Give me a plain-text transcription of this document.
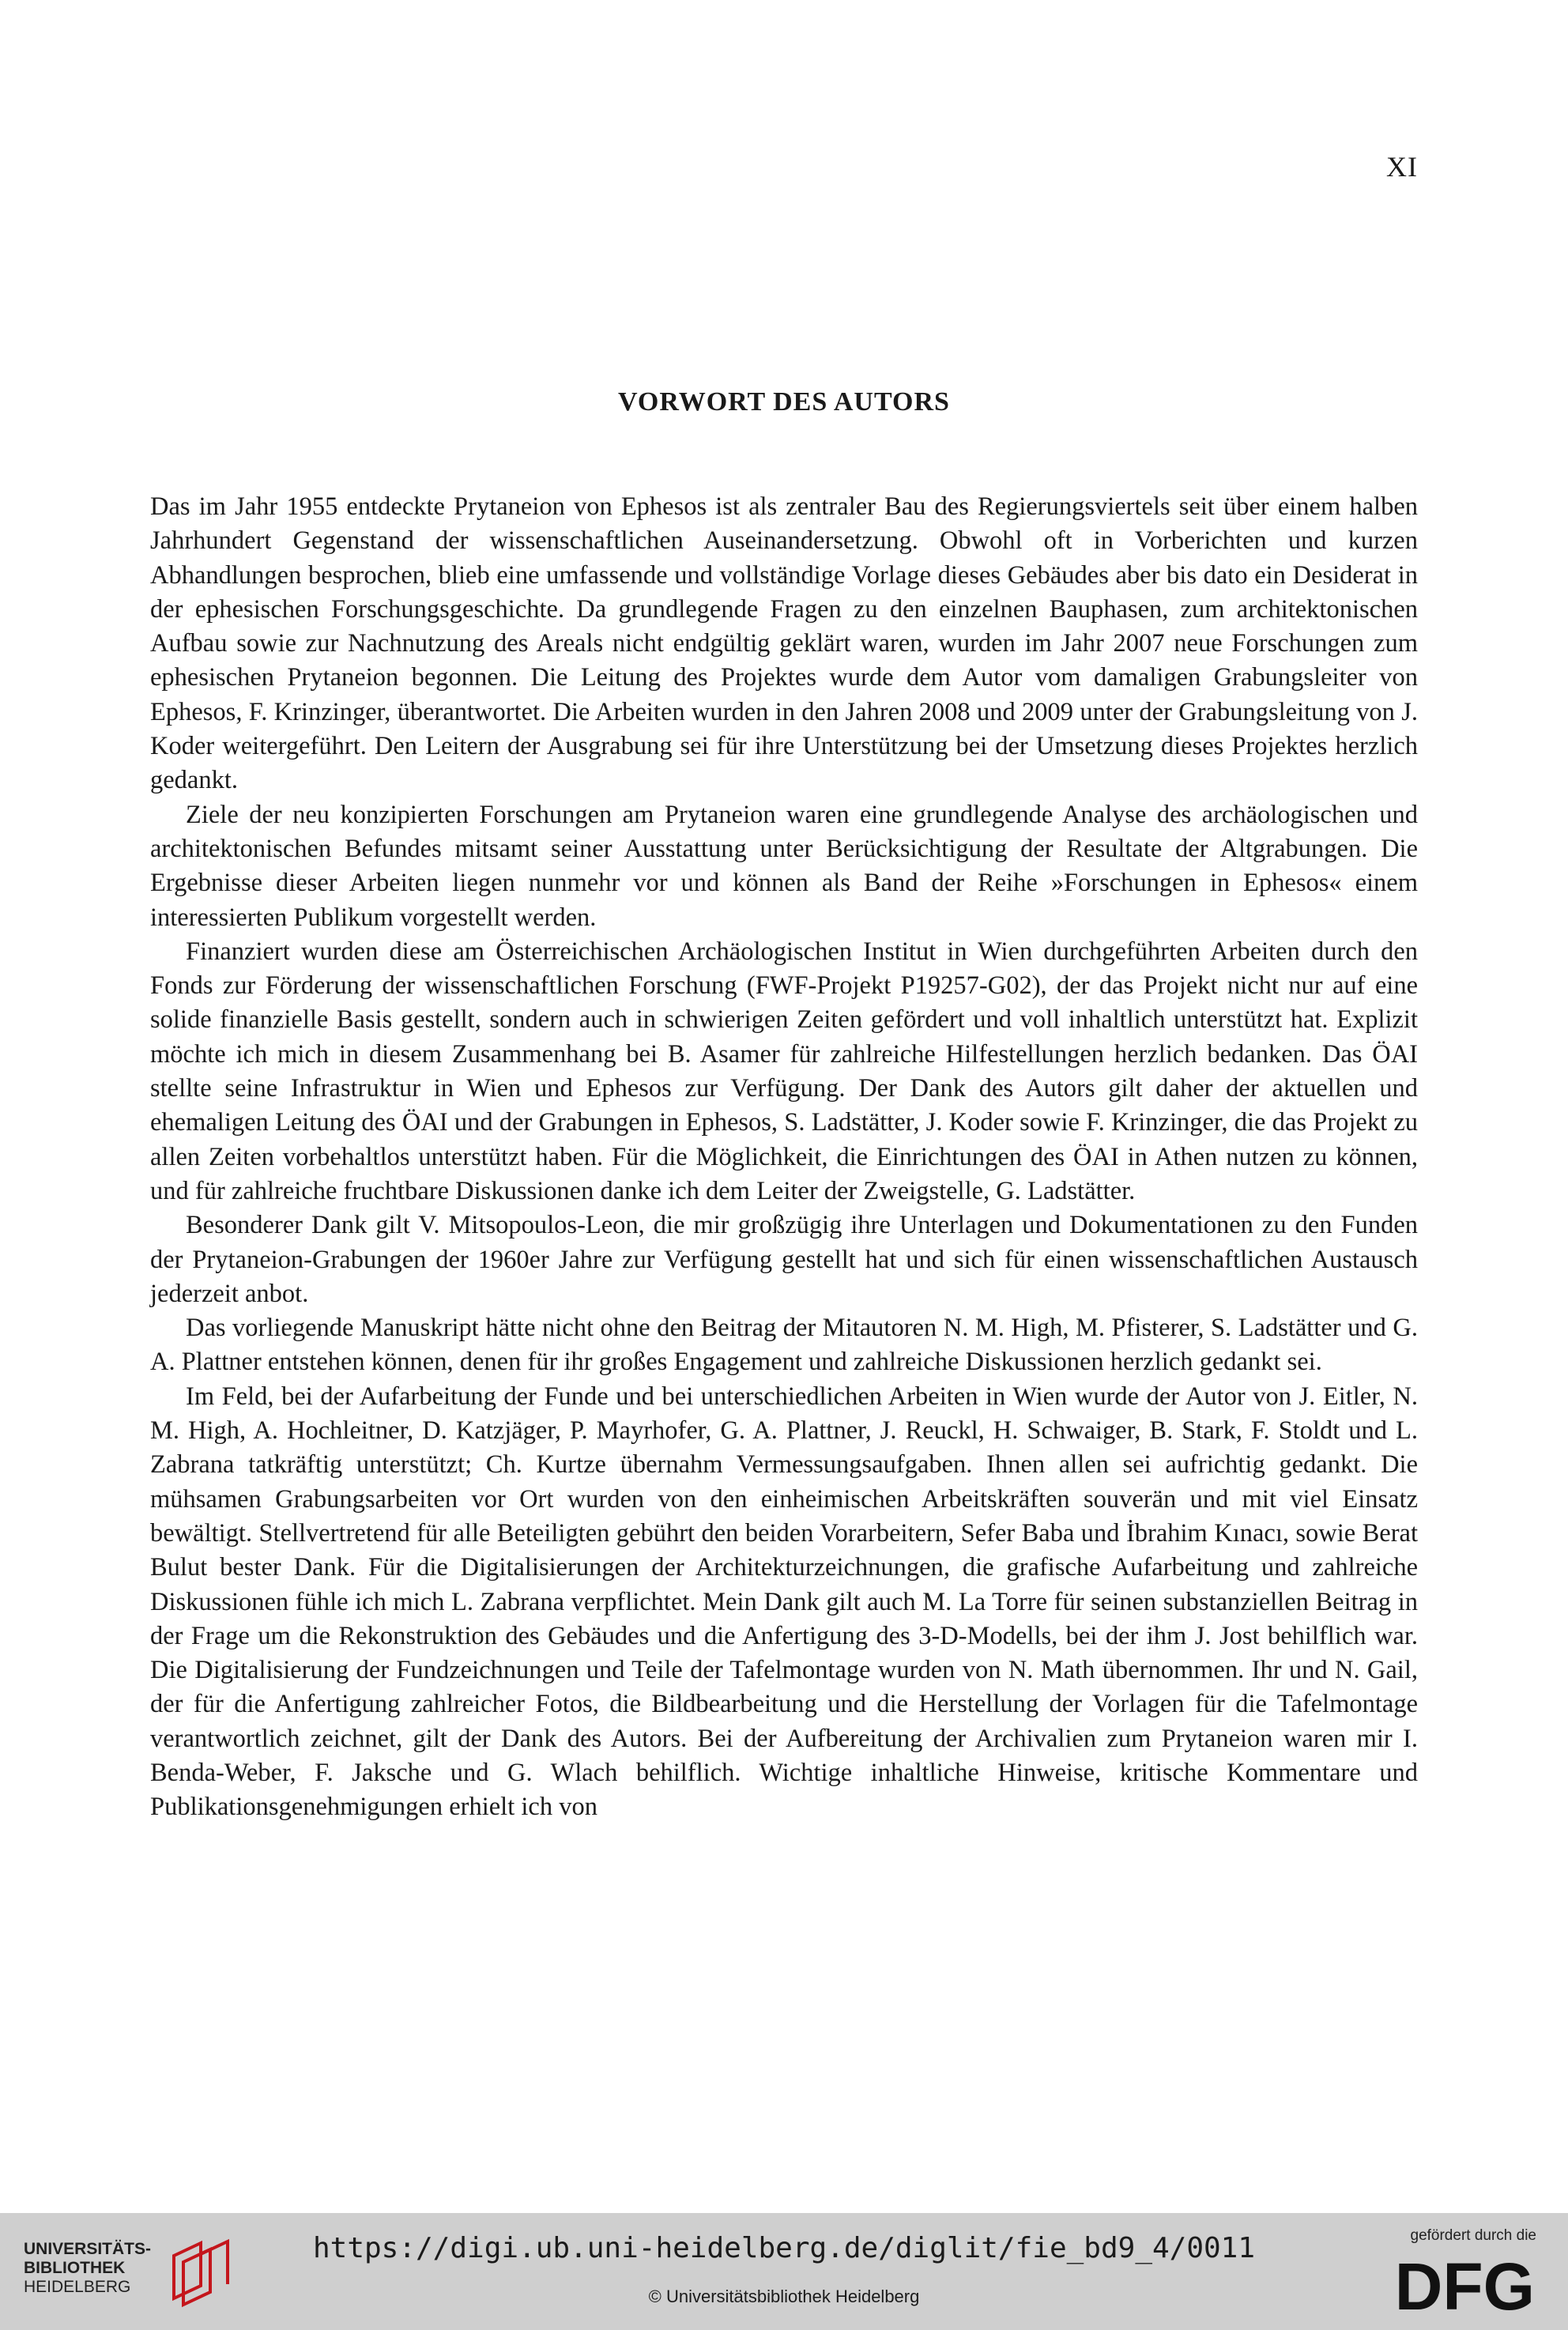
XI
VORWORT DES AUTORS

Das im Jahr 1955 entdeckte Prytaneion von Ephesos ist als zentraler Bau des Regierungsviertels seit über einem halben Jahrhundert Gegenstand der wissenschaftlichen Auseinandersetzung. Obwohl oft in Vorberichten und kurzen Abhandlungen besprochen, blieb eine umfassende und vollständige Vorlage dieses Gebäudes aber bis dato ein Desiderat in der ephesischen Forschungsgeschichte. Da grundlegende Fragen zu den einzelnen Bauphasen, zum architektonischen Aufbau sowie zur Nachnutzung des Areals nicht endgültig geklärt waren, wurden im Jahr 2007 neue Forschungen zum ephesischen Prytaneion begonnen. Die Leitung des Projektes wurde dem Autor vom damaligen Grabungsleiter von Ephesos, F. Krinzinger, überantwortet. Die Arbeiten wurden in den Jahren 2008 und 2009 unter der Grabungsleitung von J. Koder weitergeführt. Den Leitern der Ausgrabung sei für ihre Unterstützung bei der Umsetzung dieses Projektes herzlich gedankt.

Ziele der neu konzipierten Forschungen am Prytaneion waren eine grundlegende Analyse des archäologischen und architektonischen Befundes mitsamt seiner Ausstattung unter Berücksichtigung der Resultate der Altgrabungen. Die Ergebnisse dieser Arbeiten liegen nunmehr vor und können als Band der Reihe »Forschungen in Ephesos« einem interessierten Publikum vorgestellt werden.

Finanziert wurden diese am Österreichischen Archäologischen Institut in Wien durchgeführten Arbeiten durch den Fonds zur Förderung der wissenschaftlichen Forschung (FWF-Projekt P19257-G02), der das Projekt nicht nur auf eine solide finanzielle Basis gestellt, sondern auch in schwierigen Zeiten gefördert und voll inhaltlich unterstützt hat. Explizit möchte ich mich in diesem Zusammenhang bei B. Asamer für zahlreiche Hilfestellungen herzlich bedanken. Das ÖAI stellte seine Infrastruktur in Wien und Ephesos zur Verfügung. Der Dank des Autors gilt daher der aktuellen und ehemaligen Leitung des ÖAI und der Grabungen in Ephesos, S. Ladstätter, J. Koder sowie F. Krinzinger, die das Projekt zu allen Zeiten vorbehaltlos unterstützt haben. Für die Möglichkeit, die Einrichtungen des ÖAI in Athen nutzen zu können, und für zahlreiche fruchtbare Diskussionen danke ich dem Leiter der Zweigstelle, G. Ladstätter.

Besonderer Dank gilt V. Mitsopoulos-Leon, die mir großzügig ihre Unterlagen und Dokumentationen zu den Funden der Prytaneion-Grabungen der 1960er Jahre zur Verfügung gestellt hat und sich für einen wissenschaftlichen Austausch jederzeit anbot.

Das vorliegende Manuskript hätte nicht ohne den Beitrag der Mitautoren N. M. High, M. Pfisterer, S. Ladstätter und G. A. Plattner entstehen können, denen für ihr großes Engagement und zahlreiche Diskussionen herzlich gedankt sei.

Im Feld, bei der Aufarbeitung der Funde und bei unterschiedlichen Arbeiten in Wien wurde der Autor von J. Eitler, N. M. High, A. Hochleitner, D. Katzjäger, P. Mayrhofer, G. A. Plattner, J. Reuckl, H. Schwaiger, B. Stark, F. Stoldt und L. Zabrana tatkräftig unterstützt; Ch. Kurtze übernahm Vermessungsaufgaben. Ihnen allen sei aufrichtig gedankt. Die mühsamen Grabungsarbeiten vor Ort wurden von den einheimischen Arbeitskräften souverän und mit viel Einsatz bewältigt. Stellvertretend für alle Beteiligten gebührt den beiden Vorarbeitern, Sefer Baba und İbrahim Kınacı, sowie Berat Bulut bester Dank. Für die Digitalisierungen der Architekturzeichnungen, die grafische Aufarbeitung und zahlreiche Diskussionen fühle ich mich L. Zabrana verpflichtet. Mein Dank gilt auch M. La Torre für seinen substanziellen Beitrag in der Frage um die Rekonstruktion des Gebäudes und die Anfertigung des 3-D-Modells, bei der ihm J. Jost behilflich war. Die Digitalisierung der Fundzeichnungen und Teile der Tafelmontage wurden von N. Math übernommen. Ihr und N. Gail, der für die Anfertigung zahlreicher Fotos, die Bildbearbeitung und die Herstellung der Vorlagen für die Tafelmontage verantwortlich zeichnet, gilt der Dank des Autors. Bei der Aufbereitung der Archivalien zum Prytaneion waren mir I. Benda-Weber, F. Jaksche und G. Wlach behilflich. Wichtige inhaltliche Hinweise, kritische Kommentare und Publikationsgenehmigungen erhielt ich von

UNIVERSITÄTS-
BIBLIOTHEK
HEIDELBERG
https://digi.ub.uni-heidelberg.de/diglit/fie_bd9_4/0011
© Universitätsbibliothek Heidelberg
gefördert durch die
DFG
